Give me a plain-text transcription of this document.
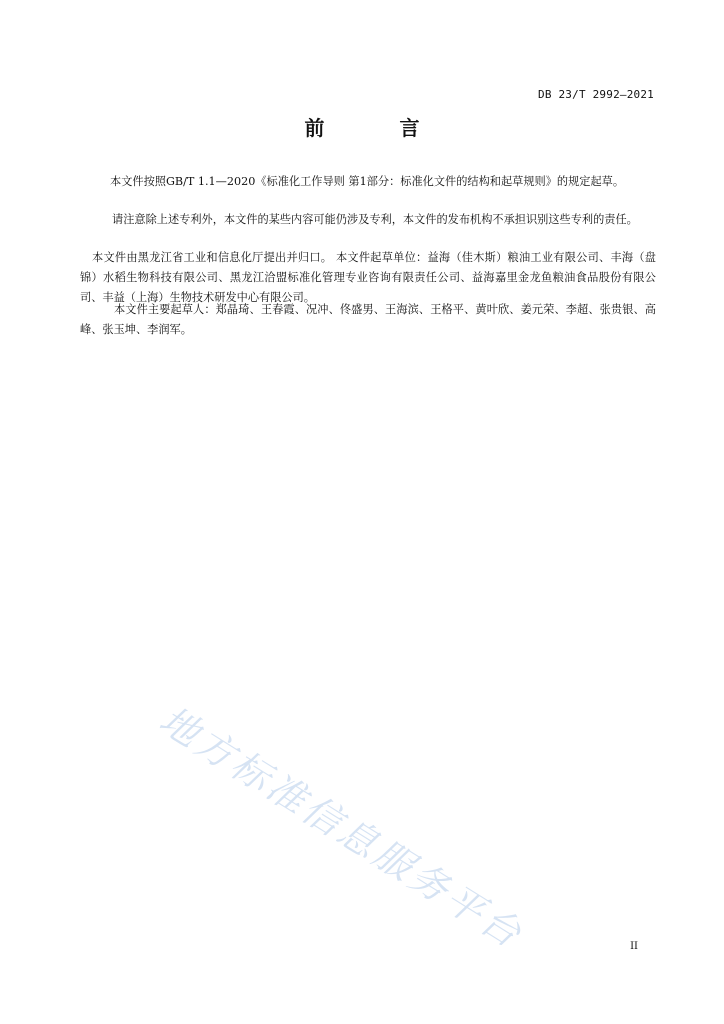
DB 23/T 2992—2021
前 言

本文件按照GB/T 1.1—2020《标准化工作导则 第1部分：标准化文件的结构和起草规则》的规定起草。

请注意除上述专利外，本文件的某些内容可能仍涉及专利，本文件的发布机构不承担识别这些专利的责任。

本文件由黑龙江省工业和信息化厅提出并归口。 本文件起草单位：益海（佳木斯）粮油工业有限公司、丰海（盘锦）水稻生物科技有限公司、黑龙江洽盟标准化管理专业咨询有限责任公司、益海嘉里金龙鱼粮油食品股份有限公司、丰益（上海）生物技术研发中心有限公司。

本文件主要起草人：郑晶琦、王春霞、况冲、佟盛男、王海滨、王格平、黄叶欣、姜元荣、李超、张贵银、高峰、张玉坤、李润军。

地方标准信息服务平台	II
